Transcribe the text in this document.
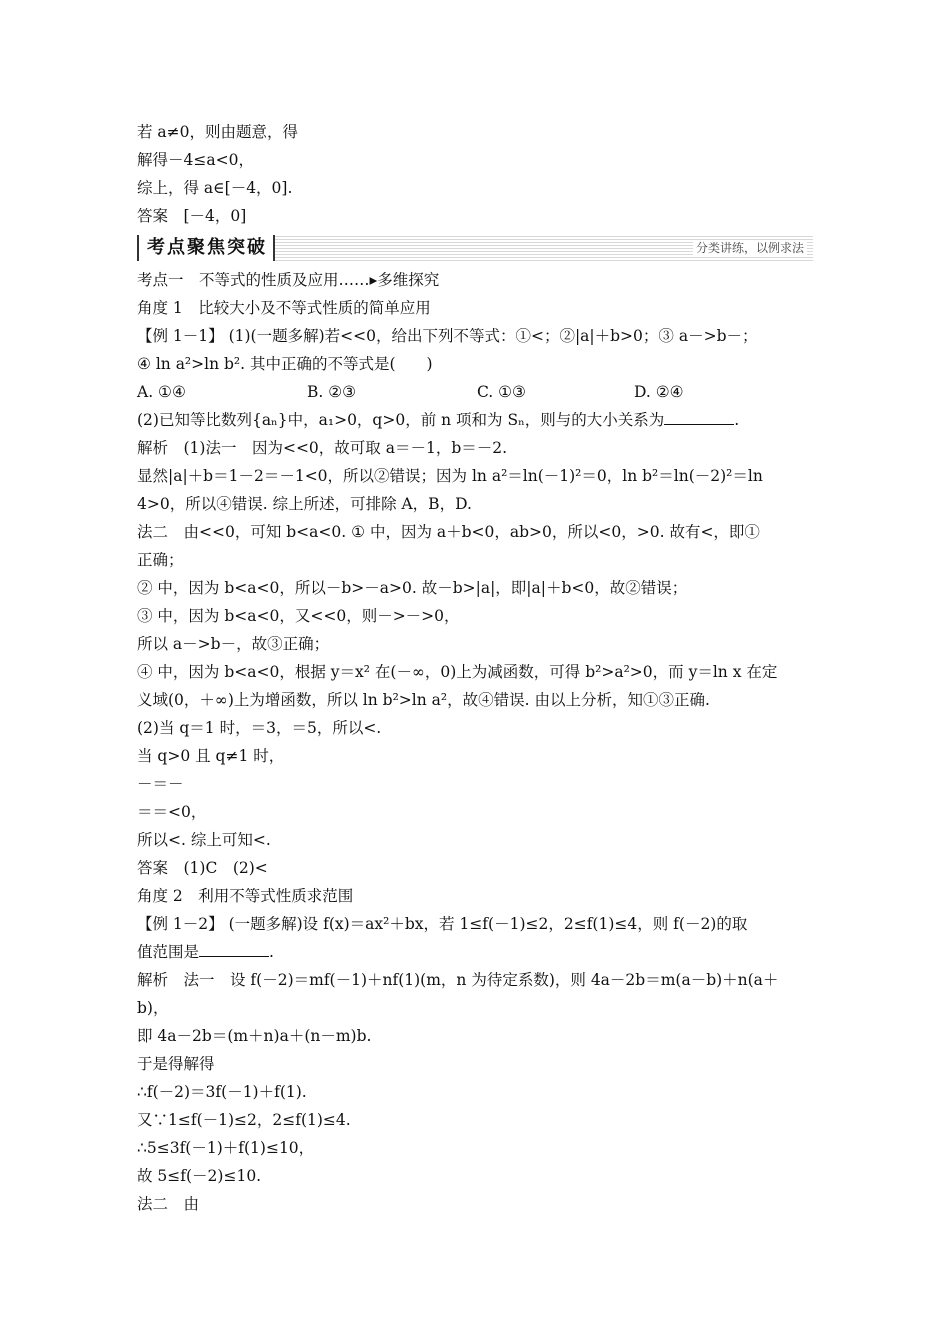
若 a≠0，则由题意，得
解得－4≤a<0，
综上，得 a∈[－4，0].
答案　[－4，0]
考点聚焦突破	分类讲练，以例求法
考点一　不等式的性质及应用……▸多维探究
角度 1　比较大小及不等式性质的简单应用
【例 1－1】 (1)(一题多解)若<<0，给出下列不等式：①<；②|a|＋b>0；③ a－>b－；
④ ln a²>ln b². 其中正确的不等式是(　　)
A. ①④	B. ②③	C. ①③	D. ②④
(2)已知等比数列{aₙ}中，a₁>0，q>0，前 n 项和为 Sₙ，则与的大小关系为	.
解析　(1)法一　因为<<0，故可取 a＝－1，b＝－2.
显然|a|＋b＝1－2＝－1<0，所以②错误；因为 ln a²＝ln(－1)²＝0，ln b²＝ln(－2)²＝ln
4>0，所以④错误. 综上所述，可排除 A，B，D.
法二　由<<0，可知 b<a<0. ① 中，因为 a＋b<0，ab>0，所以<0，>0. 故有<，即①
正确；
② 中，因为 b<a<0，所以－b>－a>0. 故－b>|a|，即|a|＋b<0，故②错误；
③ 中，因为 b<a<0，又<<0，则－>－>0，
所以 a－>b－，故③正确；
④ 中，因为 b<a<0，根据 y＝x² 在(－∞，0)上为减函数，可得 b²>a²>0，而 y＝ln x 在定
义域(0，＋∞)上为增函数，所以 ln b²>ln a²，故④错误. 由以上分析，知①③正确.
(2)当 q＝1 时，＝3，＝5，所以<.
当 q>0 且 q≠1 时，
－＝－
＝＝<0，
所以<. 综上可知<.
答案　(1)C　(2)<
角度 2　利用不等式性质求范围
【例 1－2】 (一题多解)设 f(x)＝ax²＋bx，若 1≤f(－1)≤2，2≤f(1)≤4，则 f(－2)的取
值范围是	.
解析　法一　设 f(－2)＝mf(－1)＋nf(1)(m，n 为待定系数)，则 4a－2b＝m(a－b)＋n(a＋
b)，
即 4a－2b＝(m＋n)a＋(n－m)b.
于是得解得
∴f(－2)＝3f(－1)＋f(1).
又∵1≤f(－1)≤2，2≤f(1)≤4.
∴5≤3f(－1)＋f(1)≤10，
故 5≤f(－2)≤10.
法二　由
